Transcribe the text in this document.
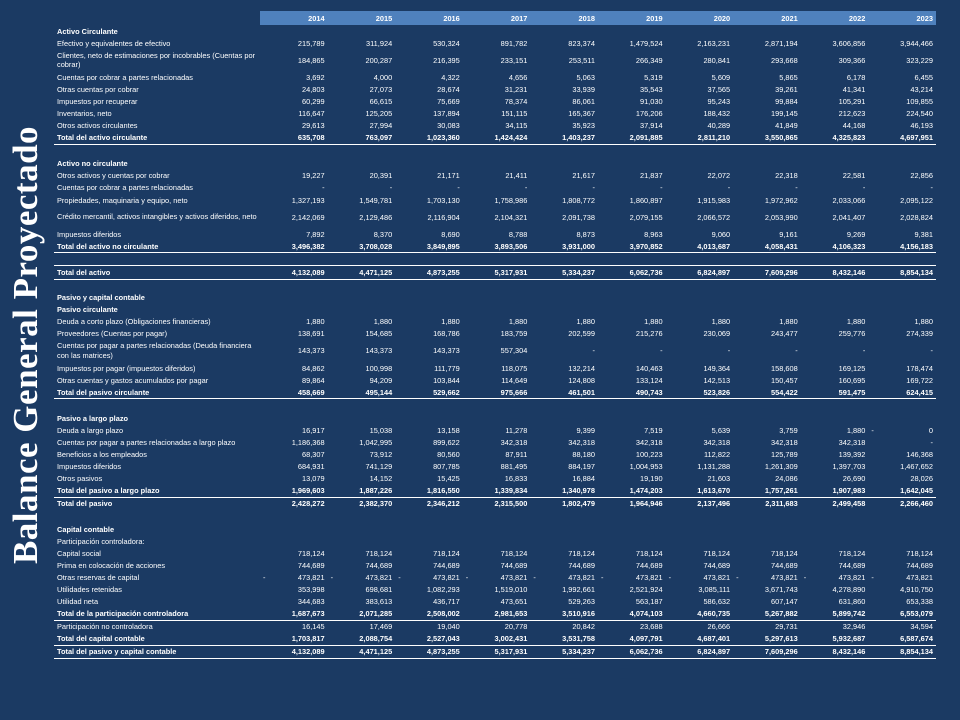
Balance General Proyectado
	2014	2015	2016	2017	2018	2019	2020	2021	2022	2023
Activo Circulante										
Efectivo y equivalentes de efectivo	215,789	311,924	530,324	891,782	823,374	1,479,524	2,163,231	2,871,194	3,606,856	3,944,466
Clientes, neto de estimaciones por incobrables (Cuentas por cobrar)	184,865	200,287	216,395	233,151	253,511	266,349	280,841	293,668	309,366	323,229
Cuentas por cobrar a partes relacionadas	3,692	4,000	4,322	4,656	5,063	5,319	5,609	5,865	6,178	6,455
Otras cuentas por cobrar	24,803	27,073	28,674	31,231	33,939	35,543	37,565	39,261	41,341	43,214
Impuestos por recuperar	60,299	66,615	75,669	78,374	86,061	91,030	95,243	99,884	105,291	109,855
Inventarios, neto	116,647	125,205	137,894	151,115	165,367	176,206	188,432	199,145	212,623	224,540
Otros activos circulantes	29,613	27,994	30,083	34,115	35,923	37,914	40,289	41,849	44,168	46,193
Total del activo circulante	635,708	763,097	1,023,360	1,424,424	1,403,237	2,091,885	2,811,210	3,550,865	4,325,823	4,697,951

Activo no circulante										
Otros activos y cuentas por cobrar	19,227	20,391	21,171	21,411	21,617	21,837	22,072	22,318	22,581	22,856
Cuentas por cobrar a partes relacionadas	-	-	-	-	-	-	-	-	-	-
Propiedades, maquinaria y equipo, neto	1,327,193	1,549,781	1,703,130	1,758,986	1,808,772	1,860,897	1,915,983	1,972,962	2,033,066	2,095,122
Crédito mercantil, activos intangibles y activos diferidos, neto	2,142,069	2,129,486	2,116,904	2,104,321	2,091,738	2,079,155	2,066,572	2,053,990	2,041,407	2,028,824
Impuestos diferidos	7,892	8,370	8,690	8,788	8,873	8,963	9,060	9,161	9,269	9,381
Total del activo no circulante	3,496,382	3,708,028	3,849,895	3,893,506	3,931,000	3,970,852	4,013,687	4,058,431	4,106,323	4,156,183

Total del activo	4,132,089	4,471,125	4,873,255	5,317,931	5,334,237	6,062,736	6,824,897	7,609,296	8,432,146	8,854,134

Pasivo y capital contable										
Pasivo circulante										
Deuda a corto plazo (Obligaciones financieras)	1,880	1,880	1,880	1,880	1,880	1,880	1,880	1,880	1,880	1,880
Proveedores (Cuentas por pagar)	138,691	154,685	168,786	183,759	202,599	215,276	230,069	243,477	259,776	274,339
Cuentas por pagar a partes relacionadas (Deuda financiera con las matrices)	143,373	143,373	143,373	557,304	-	-	-	-	-	-
Impuestos por pagar (impuestos diferidos)	84,862	100,998	111,779	118,075	132,214	140,463	149,364	158,608	169,125	178,474
Otras cuentas y gastos acumulados por pagar	89,864	94,209	103,844	114,649	124,808	133,124	142,513	150,457	160,695	169,722
Total del pasivo circulante	458,669	495,144	529,662	975,666	461,501	490,743	523,826	554,422	591,475	624,415

Pasivo a largo plazo										
Deuda a largo plazo	16,917	15,038	13,158	11,278	9,399	7,519	5,639	3,759	1,880	- 0

Cuentas por pagar a partes relacionadas a largo plazo	1,186,368	1,042,995	899,622	342,318	342,318	342,318	342,318	342,318	342,318	-
Beneficios a los empleados	68,307	73,912	80,560	87,911	88,180	100,223	112,822	125,789	139,392	146,368
Impuestos diferidos	684,931	741,129	807,785	881,495	884,197	1,004,953	1,131,288	1,261,309	1,397,703	1,467,652
Otros pasivos	13,079	14,152	15,425	16,833	16,884	19,190	21,603	24,086	26,690	28,026
Total del pasivo a largo plazo	1,969,603	1,887,226	1,816,550	1,339,834	1,340,978	1,474,203	1,613,670	1,757,261	1,907,983	1,642,045
Total del pasivo	2,428,272	2,382,370	2,346,212	2,315,500	1,802,479	1,964,946	2,137,496	2,311,683	2,499,458	2,266,460

Capital contable										
Participación controladora:										
Capital social	718,124	718,124	718,124	718,124	718,124	718,124	718,124	718,124	718,124	718,124
Prima en colocación de acciones	744,689	744,689	744,689	744,689	744,689	744,689	744,689	744,689	744,689	744,689
Otras reservas de capital	- 473,821	- 473,821	- 473,821	- 473,821	- 473,821	- 473,821	- 473,821	- 473,821	- 473,821	- 473,821

Utilidades retenidas	353,998	698,681	1,082,293	1,519,010	1,992,661	2,521,924	3,085,111	3,671,743	4,278,890	4,910,750
Utilidad neta	344,683	383,613	436,717	473,651	529,263	563,187	586,632	607,147	631,860	653,338
Total de la participación controladora	1,687,673	2,071,285	2,508,002	2,981,653	3,510,916	4,074,103	4,660,735	5,267,882	5,899,742	6,553,079
Participación no controladora	16,145	17,469	19,040	20,778	20,842	23,688	26,666	29,731	32,946	34,594
Total del capital contable	1,703,817	2,088,754	2,527,043	3,002,431	3,531,758	4,097,791	4,687,401	5,297,613	5,932,687	6,587,674
Total del pasivo y capital contable	4,132,089	4,471,125	4,873,255	5,317,931	5,334,237	6,062,736	6,824,897	7,609,296	8,432,146	8,854,134
